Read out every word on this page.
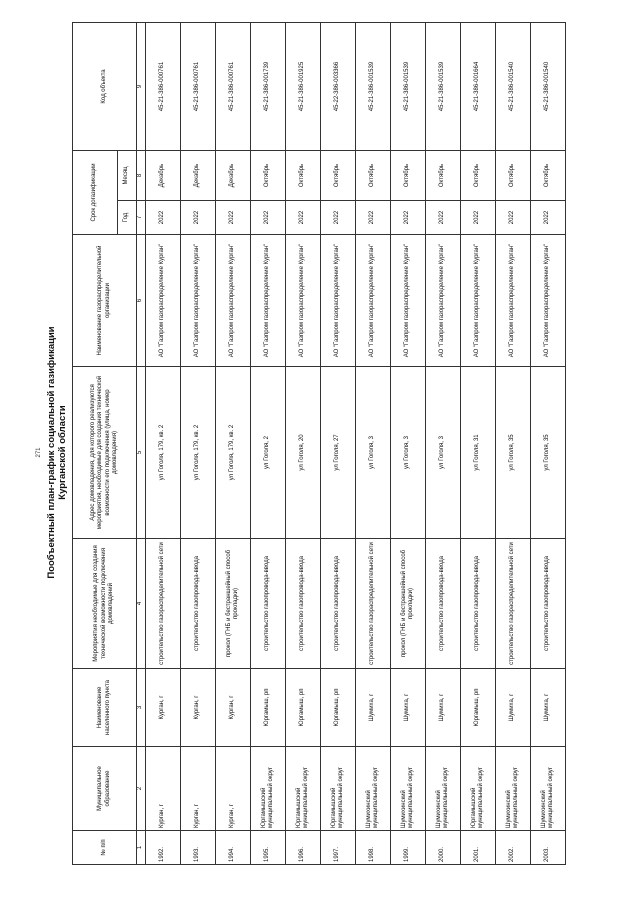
271 Пообъектный план-график социальной газификации Курганской области
№ п/п	Муниципальное образование	Наименование населенного пункта	Мероприятия необходимые для создания технической возможности подключения домовладений	Адрес домовладения, для которого реализуются мероприятия, необходимые для создания технической возможности его подключения (улица, номер домовладения)	Наименование газораспределительной организации	Срок догазификации		Код объекта
						Год	Месяц	
1	2	3	4	5	6	7	8	9
1992.	Курган, г	Курган, г	строительство газораспределительной сети	ул Гоголя, 179, кв. 2	АО "Газпром газораспределение Курган"	2022	Декабрь	45-21-386-000761
1993.	Курган, г	Курган, г	строительство газопровода-ввода	ул Гоголя, 179, кв. 2	АО "Газпром газораспределение Курган"	2022	Декабрь	45-21-386-000761
1994.	Курган, г	Курган, г	прокол (ГНБ и бестраншейный способ прокладки)	ул Гоголя, 179, кв. 2	АО "Газпром газораспределение Курган"	2022	Декабрь	45-21-386-000761
1995.	Юргамышский муниципальный округ	Юргамыш, рп	строительство газопровода-ввода	ул Гоголя, 2	АО "Газпром газораспределение Курган"	2022	Октябрь	45-21-386-001739
1996.	Юргамышский муниципальный округ	Юргамыш, рп	строительство газопровода-ввода	ул Гоголя, 20	АО "Газпром газораспределение Курган"	2022	Октябрь	45-21-386-001925
1997.	Юргамышский муниципальный округ	Юргамыш, рп	строительство газопровода-ввода	ул Гоголя, 27	АО "Газпром газораспределение Курган"	2022	Октябрь	45-22-386-003366
1998.	Шумихинский муниципальный округ	Шумиха, г	строительство газораспределительной сети	ул Гоголя, 3	АО "Газпром газораспределение Курган"	2022	Октябрь	45-21-386-001539
1999.	Шумихинский муниципальный округ	Шумиха, г	прокол (ГНБ и бестраншейный способ прокладки)	ул Гоголя, 3	АО "Газпром газораспределение Курган"	2022	Октябрь	45-21-386-001539
2000.	Шумихинский муниципальный округ	Шумиха, г	строительство газопровода-ввода	ул Гоголя, 3	АО "Газпром газораспределение Курган"	2022	Октябрь	45-21-386-001539
2001.	Юргамышский муниципальный округ	Юргамыш, рп	строительство газопровода-ввода	ул Гоголя, 31	АО "Газпром газораспределение Курган"	2022	Октябрь	45-21-386-001664
2002.	Шумихинский муниципальный округ	Шумиха, г	строительство газораспределительной сети	ул Гоголя, 35	АО "Газпром газораспределение Курган"	2022	Октябрь	45-21-386-001540
2003.	Шумихинский муниципальный округ	Шумиха, г	строительство газопровода-ввода	ул Гоголя, 35	АО "Газпром газораспределение Курган"	2022	Октябрь	45-21-386-001540
